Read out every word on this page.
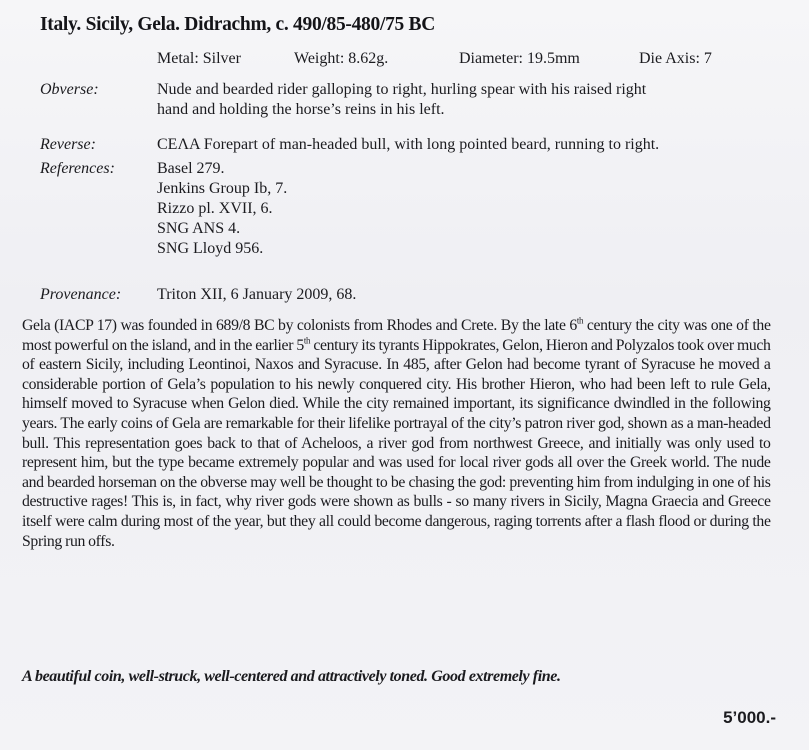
Italy. Sicily, Gela. Didrachm, c. 490/85-480/75 BC
Metal: Silver	Weight: 8.62g.	Diameter: 19.5mm	Die Axis: 7
Obverse:	Nude and bearded rider galloping to right, hurling spear with his raised right
hand and holding the horse’s reins in his left.
Reverse:	CEΛA Forepart of man-headed bull, with long pointed beard, running to right.
References:	Basel 279.
Jenkins Group Ib, 7.
Rizzo pl. XVII, 6.
SNG ANS 4.
SNG Lloyd 956.
Provenance: Triton XII, 6 January 2009, 68.

Gela (IACP 17) was founded in 689/8 BC by colonists from Rhodes and Crete. By the late 6th century the city was one of the most powerful on the island, and in the earlier 5th century its tyrants Hippokrates, Gelon, Hieron and Polyzalos took over much of eastern Sicily, including Leontinoi, Naxos and Syracuse. In 485, after Gelon had become tyrant of Syracuse he moved a considerable portion of Gela’s population to his newly conquered city. His brother Hieron, who had been left to rule Gela, himself moved to Syracuse when Gelon died. While the city remained important, its significance dwindled in the following years. The early coins of Gela are remarkable for their lifelike portrayal of the city’s patron river god, shown as a man-headed bull. This representation goes back to that of Acheloos, a river god from northwest Greece, and initially was only used to represent him, but the type became extremely popular and was used for local river gods all over the Greek world. The nude and bearded horseman on the obverse may well be thought to be chasing the god: preventing him from indulging in one of his destructive rages! This is, in fact, why river gods were shown as bulls - so many rivers in Sicily, Magna Graecia and Greece itself were calm during most of the year, but they all could become dangerous, raging torrents after a flash flood or during the Spring run offs.

A beautiful coin, well-struck, well-centered and attractively toned. Good extremely fine.
5’000.-
